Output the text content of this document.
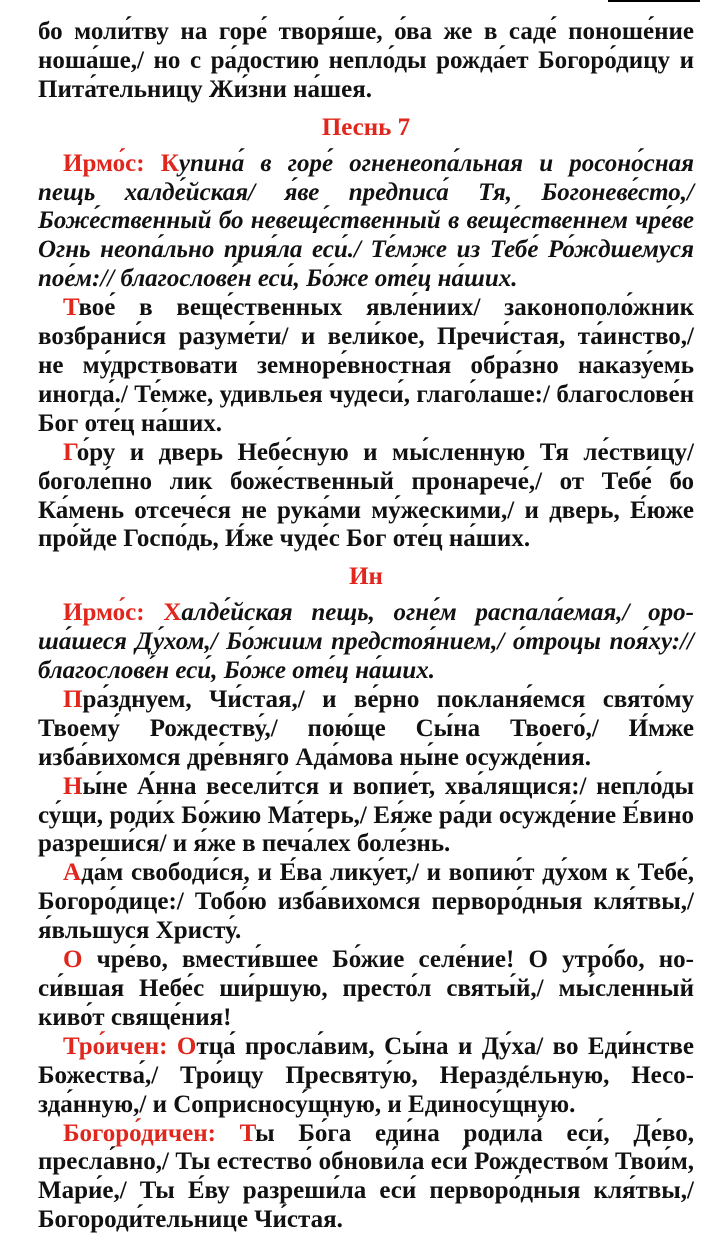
бо моли́тву на горе́ творя́ше, о́ва же в саде́ поноше́ние ноша́ше,/ но с ра́достию непло́ды рожда́ет Богоро́дицу и Пита́тельницу Жи́зни на́шея.

Песнь 7

Ирмо́с: Купина́ в горе́ огненеопа́льная и росоно́сная пещь халде́йская/ я́ве предписа́ Тя, Богоневе́сто,/ Боже́ственный бо невеще́ственный в веще́ственнем чре́ве Огнь неопа́льно прия́ла еси́./ Те́мже из Тебе́ Ро́ждшемуся пое́м:// благослове́н еси́, Бо́же оте́ц на́ших.

Твое́ в веще́ственных явле́ниих/ законополо́жник возбрани́ся разуме́ти/ и вели́кое, Пречи́стая, та́инство,/ не му́дрствовати земноре́вностная обра́зно наказу́емь иногда́./ Те́мже, удивльея чудеси́, глаго́лаше:/ благослове́н Бог оте́ц на́ших.

Го́ру и дверь Небе́сную и мы́сленную Тя ле́ствицу/ боголе́пно лик боже́ственный пронарече́,/ от Тебе́ бо Ка́мень отсече́ся не рука́ми му́жескими,/ и дверь, Е́юже про́йде Госпо́дь, И́же чуде́с Бог оте́ц на́ших.

Ин

Ирмо́с: Халде́йская пещь, огне́м распала́емая,/ оро-ша́шеся Ду́хом,/ Бо́жиим предстоя́нием,/ о́троцы поя́ху:// благослове́н еси́, Бо́же оте́ц на́ших.

Пра́зднуем, Чи́стая,/ и ве́рно покланя́емся свято́му Твоему́ Рождеству́,/ пою́ще Сы́на Твоего́,/ И́мже изба́вихомся дре́вняго Ада́мова ны́не осужде́ния.

Ны́не А́нна весели́тся и вопие́т, хва́лящися:/ непло́ды су́щи, роди́х Бо́жию Ма́терь,/ Ея́же ра́ди осужде́ние Е́вино разреши́ся/ и я́же в печа́лех боле́знь.

Ада́м свободи́ся, и Е́ва лику́ет,/ и вопию́т ду́хом к Тебе́, Богоро́дице:/ Тобо́ю изба́вихомся первоpо́дныя кля́твы,/ я́вльшуся Христу́.

О чре́во, вмести́вшее Бо́жие селе́ние! О утро́бо, но-си́вшая Небе́с ши́ршую, престо́л святы́й,/ мы́сленный киво́т свяще́ния!

Тро́ичен: Отца́ просла́вим, Сы́на и Ду́ха/ во Еди́нстве Божества́,/ Тро́ицу Пресвяту́ю, Нераздéльную, Несо-зда́нную,/ и Соприсносу́щную, и Единосу́щную.

Богоро́дичен: Ты Бо́га еди́на родила́ еси́, Де́во, пресла́вно,/ Ты естество́ обнови́ла еси́ Рождество́м Твои́м, Мари́е,/ Ты Е́ву разреши́ла еси́ первоpо́дныя кля́твы,/ Богороди́тельнице Чи́стая.
